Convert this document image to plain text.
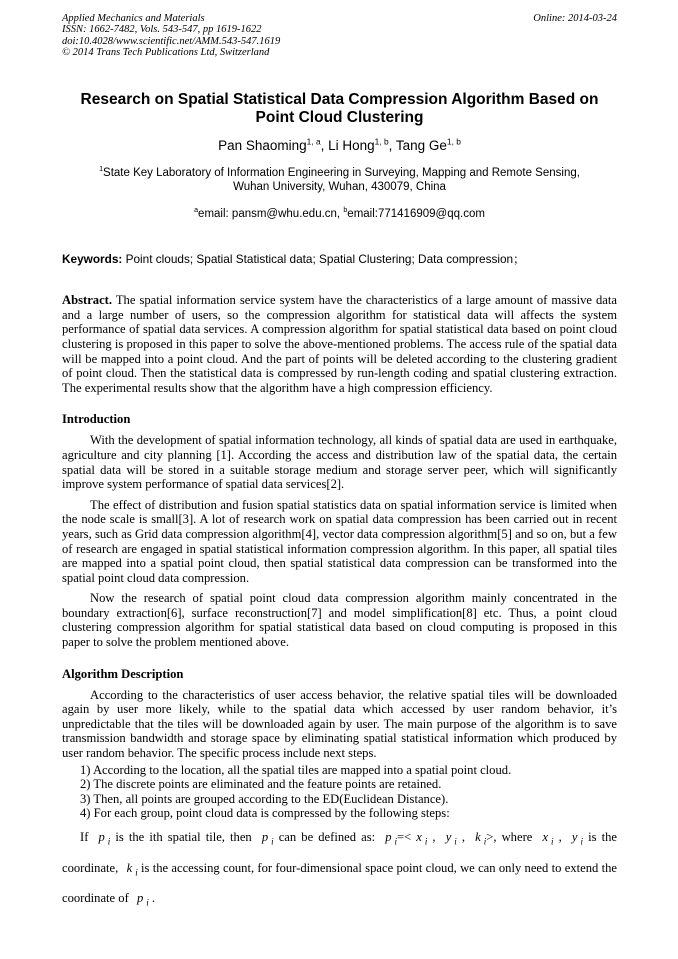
Applied Mechanics and Materials
ISSN: 1662-7482, Vols. 543-547, pp 1619-1622
doi:10.4028/www.scientific.net/AMM.543-547.1619
© 2014 Trans Tech Publications Ltd, Switzerland
Online: 2014-03-24
Research on Spatial Statistical Data Compression Algorithm Based on
Point Cloud Clustering
Pan Shaoming$^{1, a}$, Li Hong$^{1, b}$, Tang Ge$^{1, b}$
$^1$State Key Laboratory of Information Engineering in Surveying, Mapping and Remote Sensing,
Wuhan University, Wuhan, 430079, China
$^a$email: pansm@whu.edu.cn, $^b$email:771416909@qq.com
Keywords: Point clouds; Spatial Statistical data; Spatial Clustering; Data compression；

Abstract. The spatial information service system have the characteristics of a large amount of massive data and a large number of users, so the compression algorithm for statistical data will affects the system performance of spatial data services. A compression algorithm for spatial statistical data based on point cloud clustering is proposed in this paper to solve the above-mentioned problems. The access rule of the spatial data will be mapped into a point cloud. And the part of points will be deleted according to the clustering gradient of point cloud. Then the statistical data is compressed by run-length coding and spatial clustering extraction. The experimental results show that the algorithm have a high compression efficiency.

Introduction

With the development of spatial information technology, all kinds of spatial data are used in earthquake, agriculture and city planning [1]. According the access and distribution law of the spatial data, the certain spatial data will be stored in a suitable storage medium and storage server peer, which will significantly improve system performance of spatial data services[2].

The effect of distribution and fusion spatial statistics data on spatial information service is limited when the node scale is small[3]. A lot of research work on spatial data compression has been carried out in recent years, such as Grid data compression algorithm[4], vector data compression algorithm[5] and so on, but a few of research are engaged in spatial statistical information compression algorithm. In this paper, all spatial tiles are mapped into a spatial point cloud, then spatial statistical data compression can be transformed into the spatial point cloud data compression.

Now the research of spatial point cloud data compression algorithm mainly concentrated in the boundary extraction[6], surface reconstruction[7] and model simplification[8] etc. Thus, a point cloud clustering compression algorithm for spatial statistical data based on cloud computing is proposed in this paper to solve the problem mentioned above.

Algorithm Description

According to the characteristics of user access behavior, the relative spatial tiles will be downloaded again by user more likely, while to the spatial data which accessed by user random behavior, it’s unpredictable that the tiles will be downloaded again by user. The main purpose of the algorithm is to save transmission bandwidth and storage space by eliminating spatial statistical information which produced by user random behavior. The specific process include next steps.

1) According to the location, all the spatial tiles are mapped into a spatial point cloud.
2) The discrete points are eliminated and the feature points are retained.
3) Then, all points are grouped according to the ED(Euclidean Distance).
4) For each group, point cloud data is compressed by the following steps:

If p $_i$ is the ith spatial tile, then p $_i$ can be defined as: p $_i$=< x $_i$ , y $_i$ , k $_i$>, where x $_i$ , y $_i$ is the coordinate, k $_i$ is the accessing count, for four-dimensional space point cloud, we can only need to extend the coordinate of p $_i$ .
